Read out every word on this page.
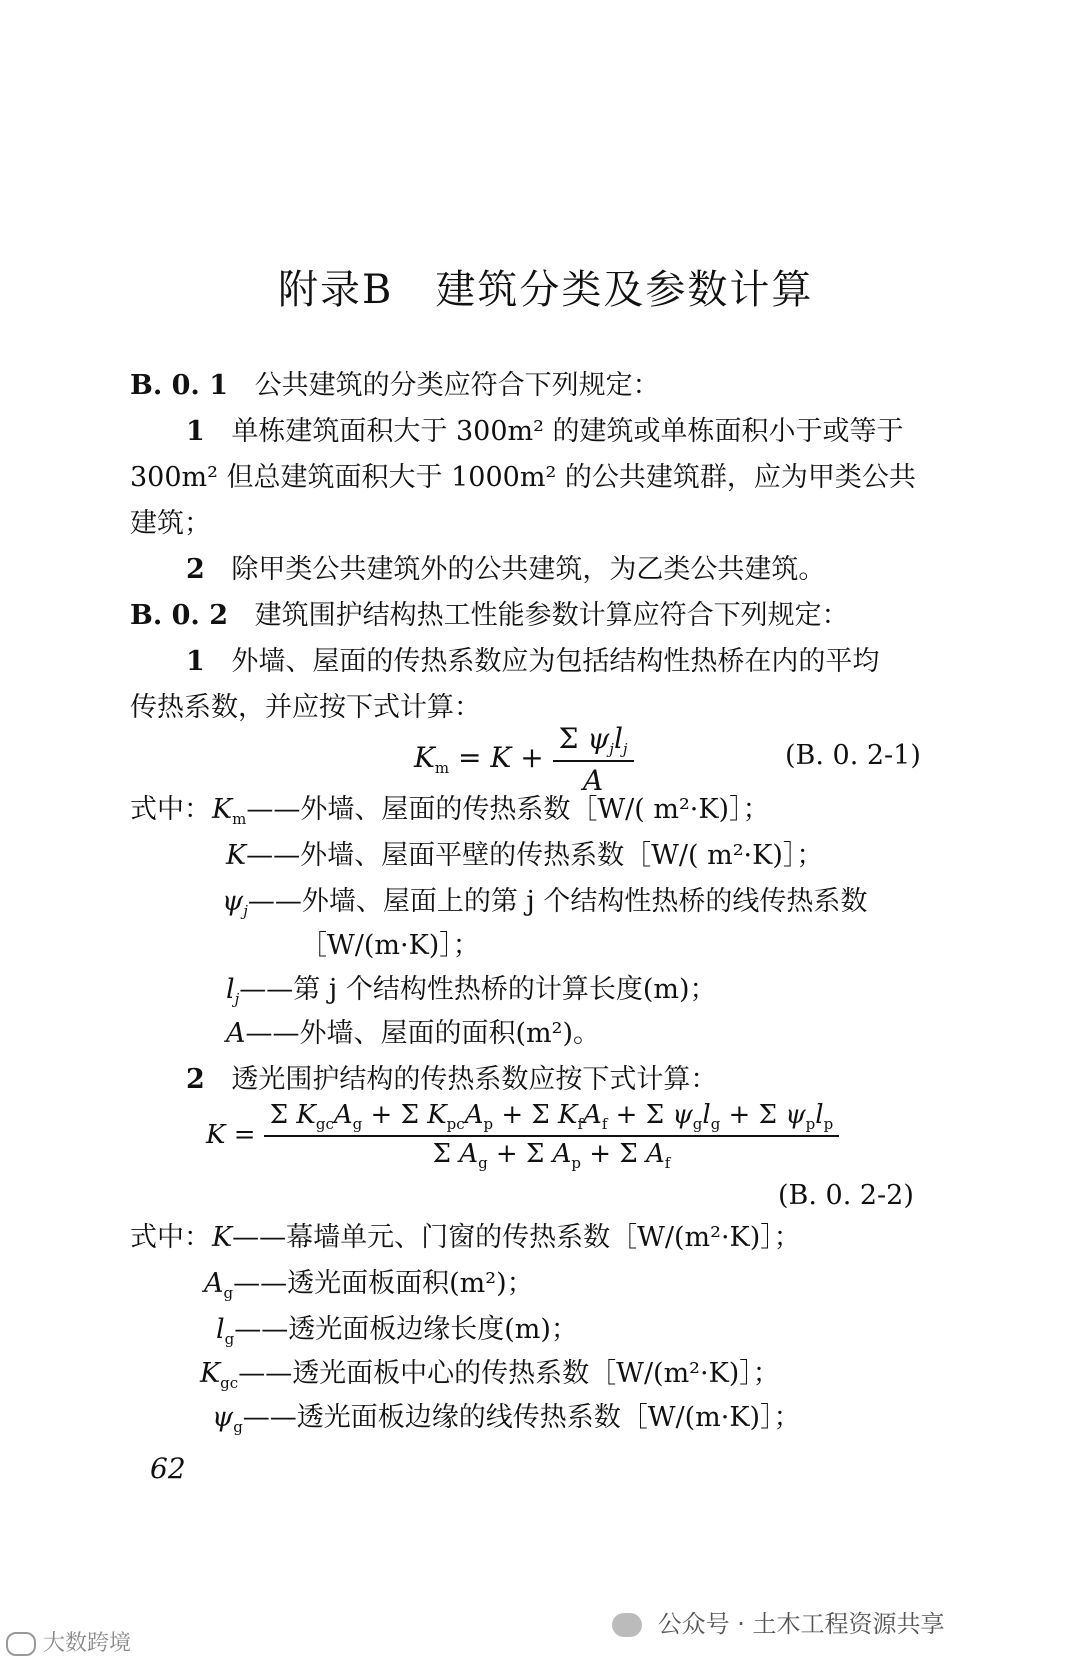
附录B　建筑分类及参数计算
B. 0. 1 公共建筑的分类应符合下列规定：
1 单栋建筑面积大于 300m² 的建筑或单栋面积小于或等于
300m² 但总建筑面积大于 1000m² 的公共建筑群，应为甲类公共
建筑；
2 除甲类公共建筑外的公共建筑，为乙类公共建筑。
B. 0. 2 建筑围护结构热工性能参数计算应符合下列规定：
1 外墙、屋面的传热系数应为包括结构性热桥在内的平均
传热系数，并应按下式计算：
$K_m = K + \frac{\Sigma \psi_jl_j}{A}$	(B. 0. 2-1)
式中： $K_m——$外墙、屋面的传热系数［W/( m²·K)］；
K——外墙、屋面平壁的传热系数［W/( m²·K)］；
$\psi_j——$外墙、屋面上的第 j 个结构性热桥的线传热系数
［W/(m·K)］；
$l_j——$第 j 个结构性热桥的计算长度(m)；
A——外墙、屋面的面积(m²)。
2 透光围护结构的传热系数应按下式计算：
$K = \frac{\Sigma K_{gc}A_g + \Sigma K_{pc}A_p + \Sigma K_fA_f + \Sigma \psi_gl_g + \Sigma \psi_pl_p}{\Sigma A_g + \Sigma A_p + \Sigma A_f}$
(B. 0. 2-2)
式中： K——幕墙单元、门窗的传热系数［W/(m²·K)］；
$A_g——$透光面板面积(m²)；
$l_g——$透光面板边缘长度(m)；
$K_{gc}——$透光面板中心的传热系数［W/(m²·K)］；
$\psi_g——$透光面板边缘的线传热系数［W/(m·K)］；
62
大数跨境
公众号 · 土木工程资源共享
